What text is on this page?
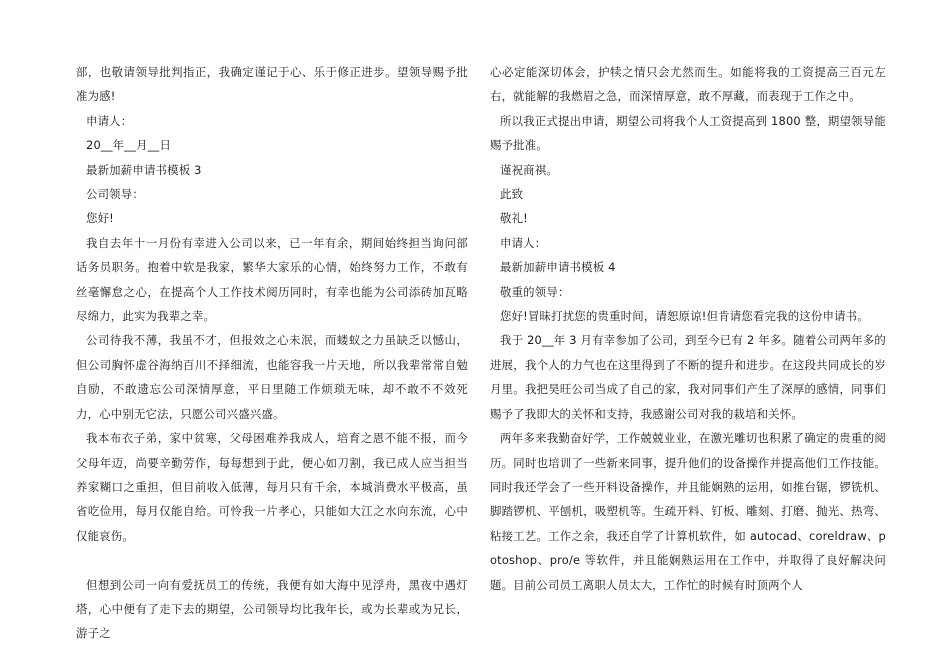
部，也敬请领导批判指正，我确定谨记于心、乐于修正进步。望领导赐予批准为感!

申请人：

20__年__月__日

最新加薪申请书模板 3

公司领导：

您好!

我自去年十一月份有幸进入公司以来，已一年有余，期间始终担当询问部话务员职务。抱着中软是我家，繁华大家乐的心情，始终努力工作，不敢有丝毫懈怠之心，在提高个人工作技术阅历同时，有幸也能为公司添砖加瓦略尽绵力，此实为我辈之幸。

公司待我不薄，我虽不才，但报效之心未泯，而蝼蚁之力虽缺乏以憾山，但公司胸怀虚谷海纳百川不择细流，也能容我一片天地，所以我辈常常自勉自励，不敢遗忘公司深情厚意，平日里随工作烦琐无味，却不敢不不效死力，心中别无它法，只愿公司兴盛兴盛。

我本布衣子弟，家中贫寒，父母困难养我成人，培育之恩不能不报，而今父母年迈，尚要辛勤劳作，每每想到于此，便心如刀割，我已成人应当担当养家糊口之重担，但目前收入低薄，每月只有千余，本城消费水平极高，虽省吃俭用，每月仅能自给。可怜我一片孝心，只能如大江之水向东流，心中仅能哀伤。

但想到公司一向有爱抚员工的传统，我便有如大海中见浮舟，黑夜中遇灯塔，心中便有了走下去的期望，公司领导均比我年长，或为长辈或为兄长，游子之

心必定能深切体会，护犊之情只会尤然而生。如能将我的工资提高三百元左右，就能解的我燃眉之急，而深情厚意，敢不厚藏，而表现于工作之中。

所以我正式提出申请，期望公司将我个人工资提高到 1800 整，期望领导能赐予批准。

谨祝商祺。

此致

敬礼!

申请人：

最新加薪申请书模板 4

敬重的领导：

您好!冒昧打扰您的贵重时间，请恕原谅!但肯请您看完我的这份申请书。

我于 20__年 3 月有幸参加了公司，到至今已有 2 年多。随着公司两年多的进展，我个人的力气也在这里得到了不断的提升和进步。在这段共同成长的岁月里。我把昊旺公司当成了自己的家，我对同事们产生了深厚的感情，同事们赐予了我即大的关怀和支持，我感谢公司对我的栽培和关怀。

两年多来我勤奋好学，工作兢兢业业，在激光雕切也积累了确定的贵重的阅历。同时也培训了一些新来同事，提升他们的设备操作并提高他们工作技能。同时我还学会了一些开料设备操作，并且能娴熟的运用，如推台锯，锣铣机、脚踏锣机、平刨机，吸塑机等。生疏开料、钉板、雕刻、打磨、抛光、热弯、粘接工艺。工作之余，我还自学了计算机软件，如 autocad、coreldraw、potoshop、pro/e 等软件，并且能娴熟运用在工作中，并取得了良好解决问题。目前公司员工离职人员太大，工作忙的时候有时顶两个人
